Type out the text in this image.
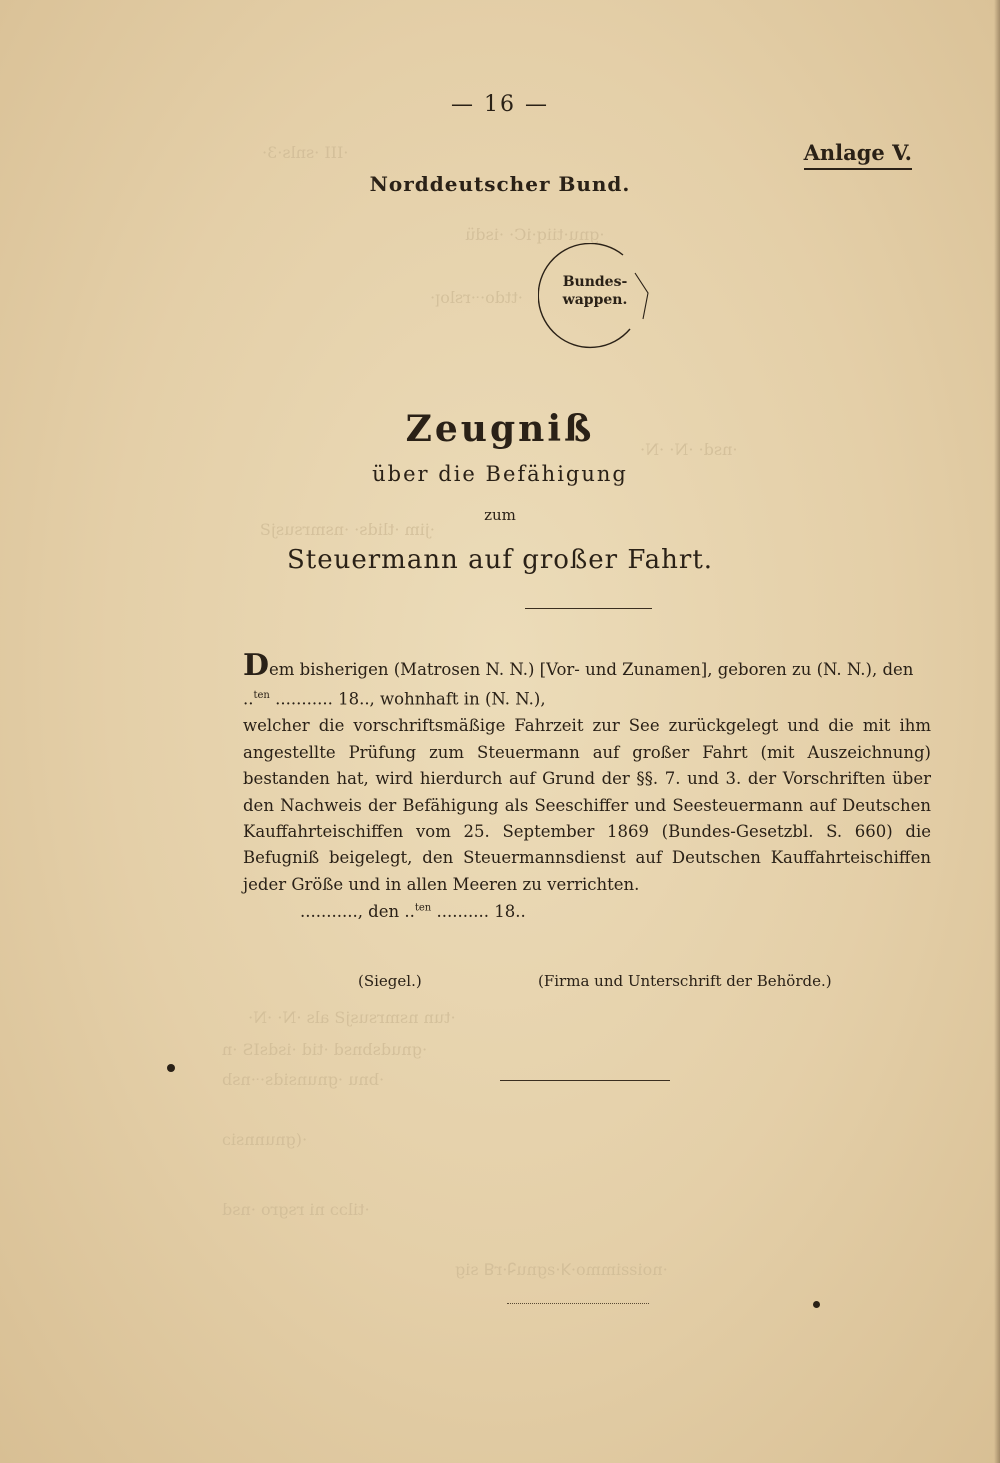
·III ·snls·3·
·gnu·tiiq·iC· ·isdü
·ttdo·ᐧ·rsloꞁ·
·nsd· ·N· ·N·
·jim ·tlids· ·nsmrsusjƧ
·tun nsmrsusjƧ als ·N· ·N·
·gnudsbnsd ·tid ·isdsIS ·n
·bnu ·gnunsids·ᐧ·nsb
·(gnunnsiɔ
·tilɔɔ ni rsgro ·nsd
·noiƨƨimmo·ꓘ·ƨgnuᎸ·rꓭ sig
— 16 —
Anlage V.
Norddeutscher Bund.
Bundes-
wappen.
Zeugniß
über die Befähigung
zum
Steuermann auf großer Fahrt.

Dem bisherigen (Matrosen N. N.) [Vor- und Zunamen], geboren zu (N. N.), den

..$^{ten}$ ........... 18.., wohnhaft in (N. N.),

welcher die vorschriftsmäßige Fahrzeit zur See zurückgelegt und die mit ihm angestellte Prüfung zum Steuermann auf großer Fahrt (mit Auszeichnung) bestanden hat, wird hierdurch auf Grund der §§. 7. und 3. der Vorschriften über den Nachweis der Befähigung als Seeschiffer und Seesteuermann auf Deutschen Kauffahrteischiffen vom 25. September 1869 (Bundes-Gesetzbl. S. 660) die Befugniß beigelegt, den Steuermannsdienst auf Deutschen Kauffahrteischiffen jeder Größe und in allen Meeren zu verrichten.

..........., den ..$^{ten}$ .......... 18..
(Siegel.)	(Firma und Unterschrift der Behörde.)
